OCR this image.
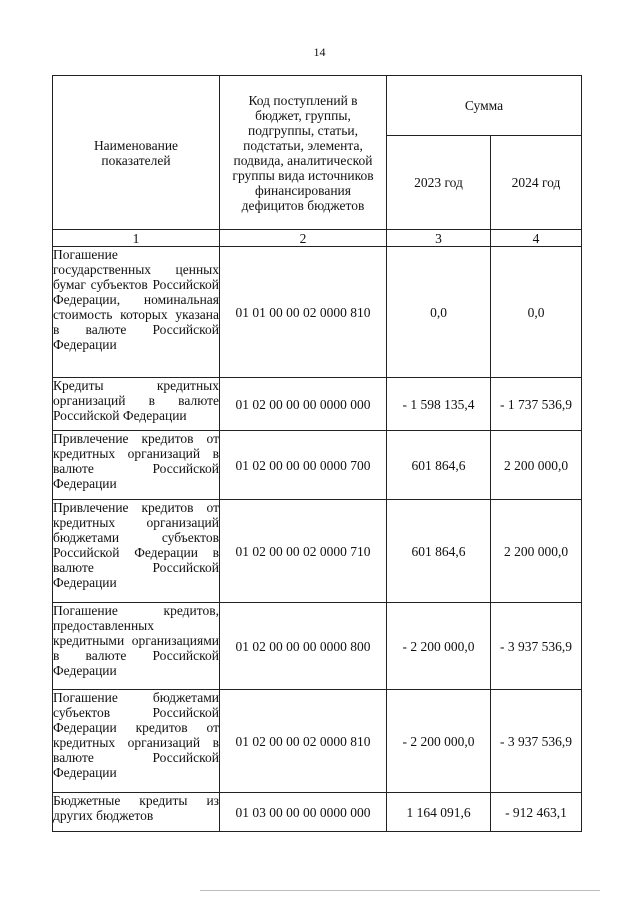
14
Наименование показателей	Код поступлений в бюджет, группы, подгруппы, статьи, подстатьи, элемента, подвида, аналитической группы вида источников финансирования дефицитов бюджетов	Сумма	
		2023 год	2024 год
1	2	3	4
Погашение государственных ценных бумаг субъектов Российской Федерации, номинальная стоимость которых указана в валюте Российской Федерации	01 01 00 00 02 0000 810	0,0	0,0
Кредиты кредитных организаций в валюте Российской Федерации	01 02 00 00 00 0000 000	- 1 598 135,4	- 1 737 536,9
Привлечение кредитов от кредитных организаций в валюте Российской Федерации	01 02 00 00 00 0000 700	601 864,6	2 200 000,0
Привлечение кредитов от кредитных организаций бюджетами субъектов Российской Федерации в валюте Российской Федерации	01 02 00 00 02 0000 710	601 864,6	2 200 000,0
Погашение кредитов, предоставленных кредитными организациями в валюте Российской Федерации	01 02 00 00 00 0000 800	- 2 200 000,0	- 3 937 536,9
Погашение бюджетами субъектов Российской Федерации кредитов от кредитных организаций в валюте Российской Федерации	01 02 00 00 02 0000 810	- 2 200 000,0	- 3 937 536,9
Бюджетные кредиты из других бюджетов	01 03 00 00 00 0000 000	1 164 091,6	- 912 463,1
